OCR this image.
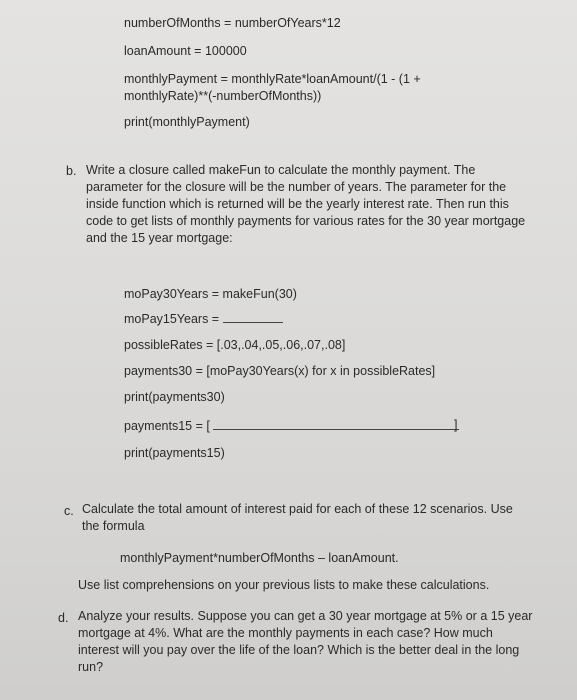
numberOfMonths = numberOfYears*12
loanAmount = 100000
monthlyPayment = monthlyRate*loanAmount/(1 - (1 +
monthlyRate)**(-numberOfMonths))
print(monthlyPayment)
b. Write a closure called makeFun to calculate the monthly payment. The parameter for the closure will be the number of years. The parameter for the inside function which is returned will be the yearly interest rate. Then run this code to get lists of monthly payments for various rates for the 30 year mortgage and the 15 year mortgage:
moPay30Years = makeFun(30)
moPay15Years =
possibleRates = [.03,.04,.05,.06,.07,.08]
payments30 = [moPay30Years(x) for x in possibleRates]
print(payments30)
payments15 = [	]
print(payments15)
c. Calculate the total amount of interest paid for each of these 12 scenarios. Use the formula
monthlyPayment*numberOfMonths – loanAmount.
Use list comprehensions on your previous lists to make these calculations.
d. Analyze your results. Suppose you can get a 30 year mortgage at 5% or a 15 year mortgage at 4%. What are the monthly payments in each case? How much interest will you pay over the life of the loan? Which is the better deal in the long run?
